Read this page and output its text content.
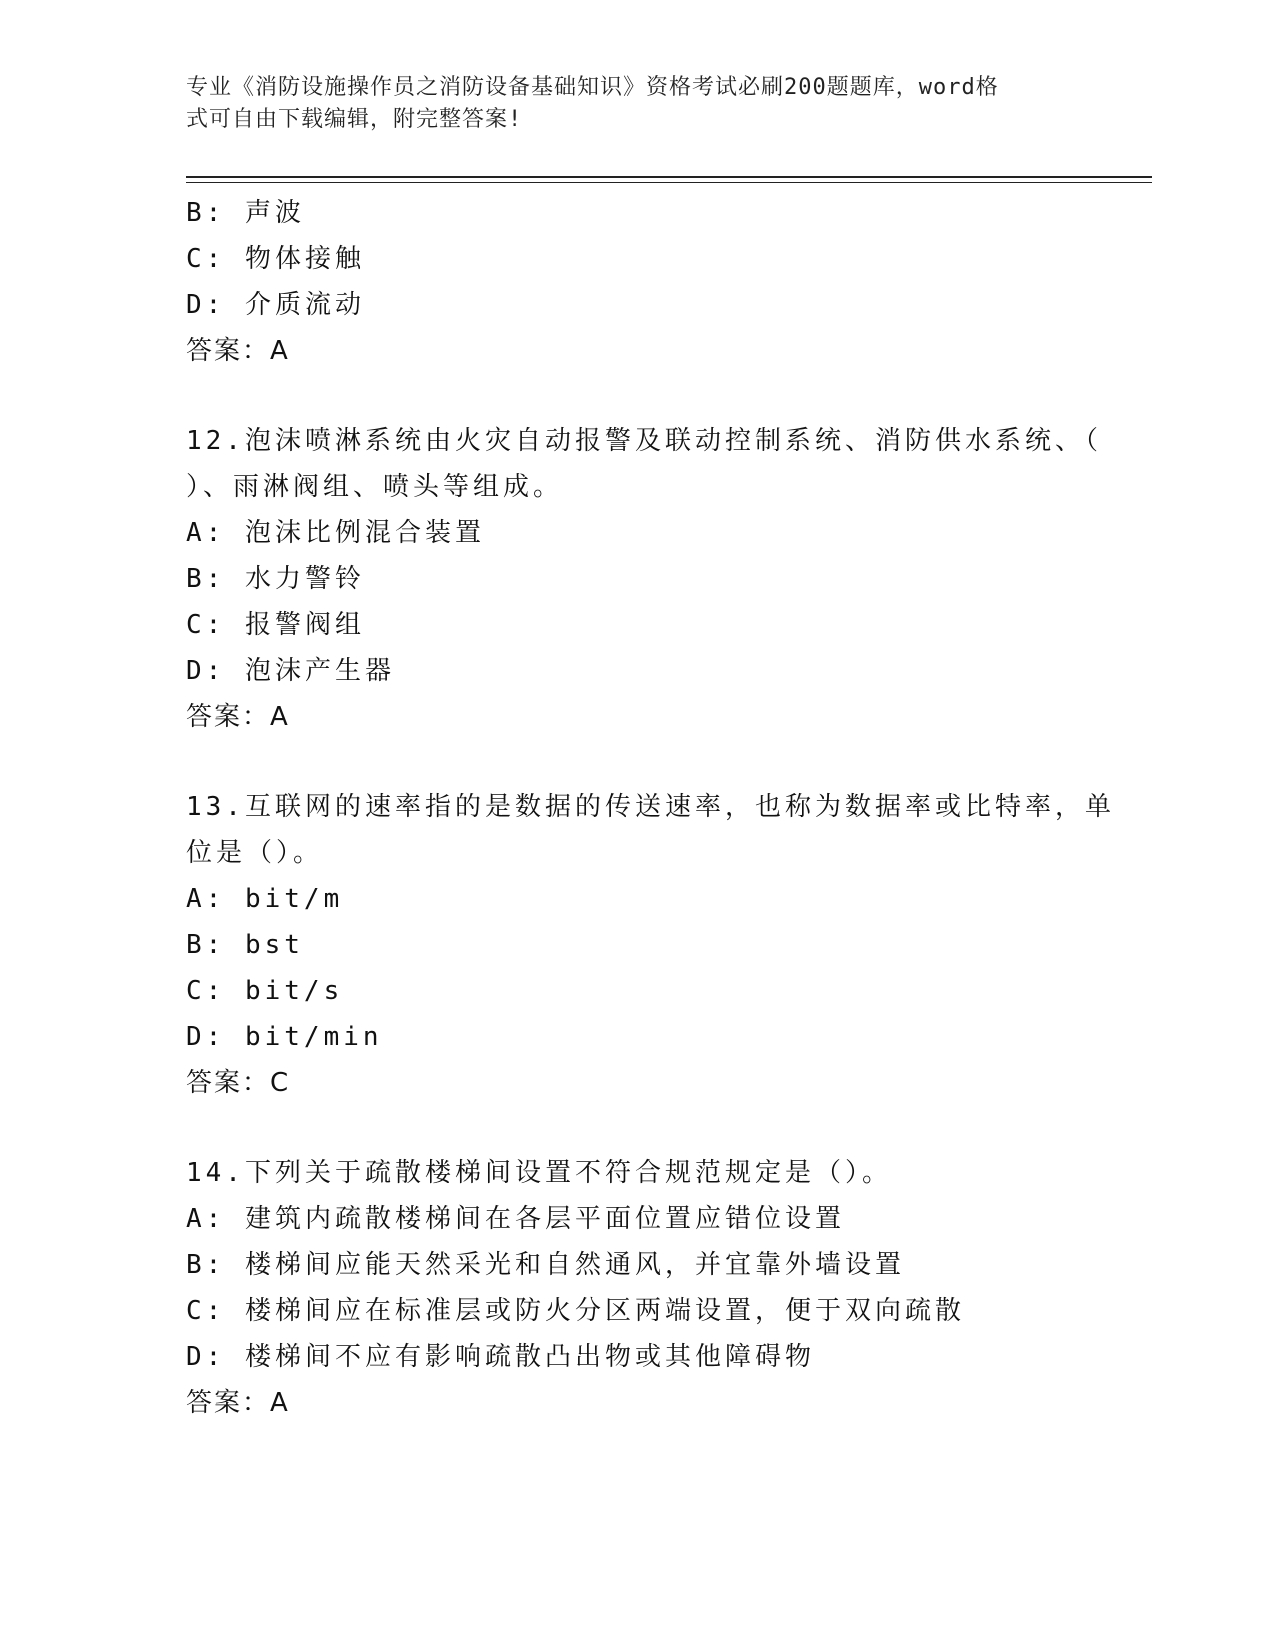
专业《消防设施操作员之消防设备基础知识》资格考试必刷200题题库，word格
式可自由下载编辑，附完整答案!
B: 声波
C: 物体接触
D: 介质流动
答案：A
12.泡沫喷淋系统由火灾自动报警及联动控制系统、消防供水系统、（
）、雨淋阀组、喷头等组成。
A: 泡沫比例混合装置
B: 水力警铃
C: 报警阀组
D: 泡沫产生器
答案：A
13.互联网的速率指的是数据的传送速率，也称为数据率或比特率，单
位是（）。
A: bit/m
B: bst
C: bit/s
D: bit/min
答案：C
14.下列关于疏散楼梯间设置不符合规范规定是（）。
A: 建筑内疏散楼梯间在各层平面位置应错位设置
B: 楼梯间应能天然采光和自然通风，并宜靠外墙设置
C: 楼梯间应在标准层或防火分区两端设置，便于双向疏散
D: 楼梯间不应有影响疏散凸出物或其他障碍物
答案：A
